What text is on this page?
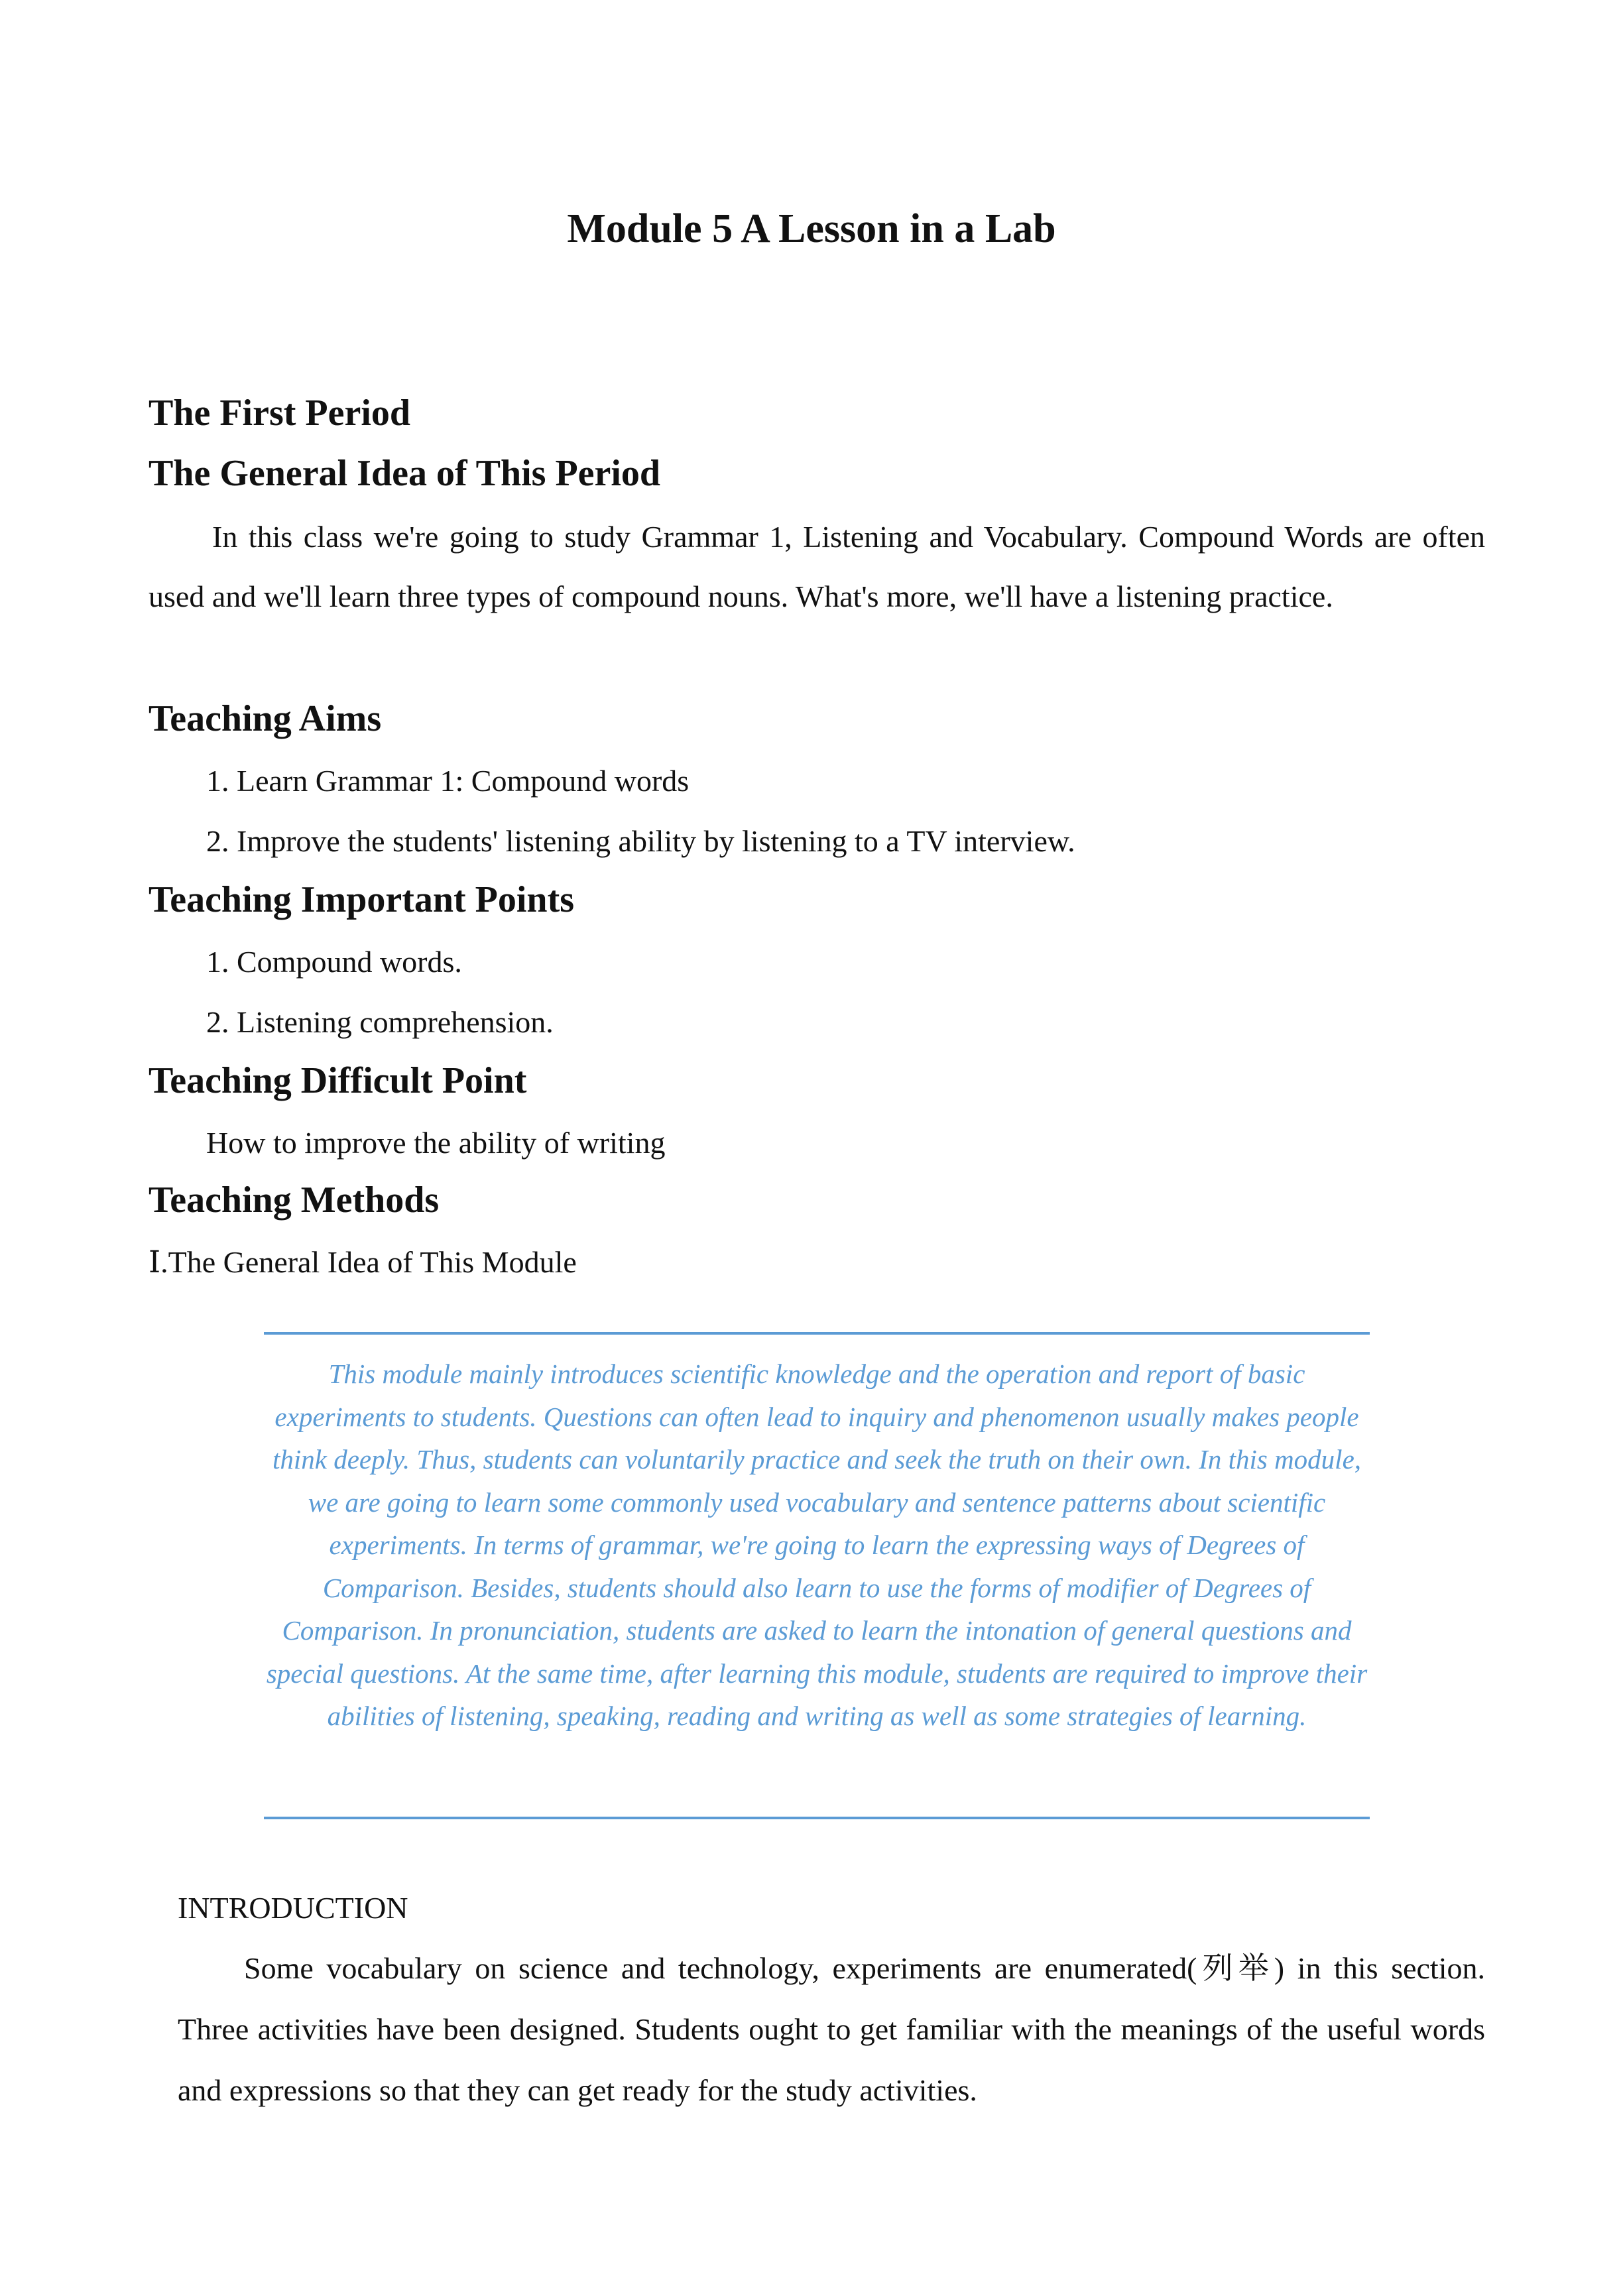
Module 5 A Lesson in a Lab
The First Period
The General Idea of This Period
In this class we're going to study Grammar 1, Listening and Vocabulary. Compound Words are often used and we'll learn three types of compound nouns. What's more, we'll have a listening practice.
Teaching Aims
1. Learn Grammar 1: Compound words
2. Improve the students' listening ability by listening to a TV interview.
Teaching Important Points
1. Compound words.
2. Listening comprehension.
Teaching Difficult Point
How to improve the ability of writing
Teaching Methods
Ⅰ.The General Idea of This Module
This module mainly introduces scientific knowledge and the operation and report of basic experiments to students. Questions can often lead to inquiry and phenomenon usually makes people think deeply. Thus, students can voluntarily practice and seek the truth on their own. In this module, we are going to learn some commonly used vocabulary and sentence patterns about scientific experiments. In terms of grammar, we're going to learn the expressing ways of Degrees of Comparison. Besides, students should also learn to use the forms of modifier of Degrees of Comparison. In pronunciation, students are asked to learn the intonation of general questions and special questions. At the same time, after learning this module, students are required to improve their abilities of listening, speaking, reading and writing as well as some strategies of learning.
INTRODUCTION
Some vocabulary on science and technology, experiments are enumerated(列举) in this section. Three activities have been designed. Students ought to get familiar with the meanings of the useful words and expressions so that they can get ready for the study activities.
